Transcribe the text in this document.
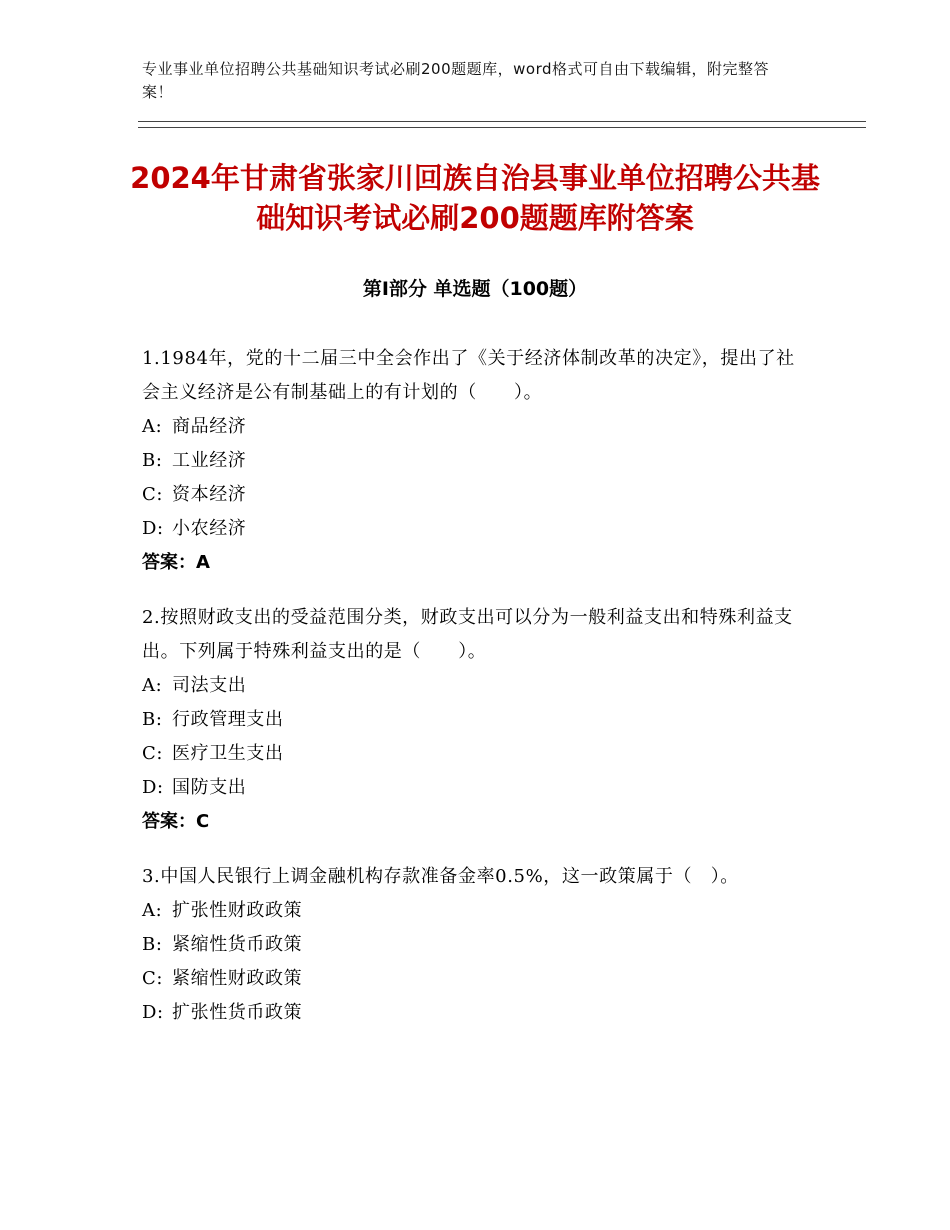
专业事业单位招聘公共基础知识考试必刷200题题库，word格式可自由下载编辑，附完整答案！
2024年甘肃省张家川回族自治县事业单位招聘公共基础知识考试必刷200题题库附答案
第Ⅰ部分 单选题（100题）
1.1984年，党的十二届三中全会作出了《关于经济体制改革的决定》，提出了社会主义经济是公有制基础上的有计划的（　　）。
A: 商品经济
B: 工业经济
C: 资本经济
D: 小农经济
答案：A
2.按照财政支出的受益范围分类，财政支出可以分为一般利益支出和特殊利益支出。下列属于特殊利益支出的是（　　）。
A: 司法支出
B: 行政管理支出
C: 医疗卫生支出
D: 国防支出
答案：C
3.中国人民银行上调金融机构存款准备金率0.5%，这一政策属于（　）。
A: 扩张性财政政策
B: 紧缩性货币政策
C: 紧缩性财政政策
D: 扩张性货币政策
